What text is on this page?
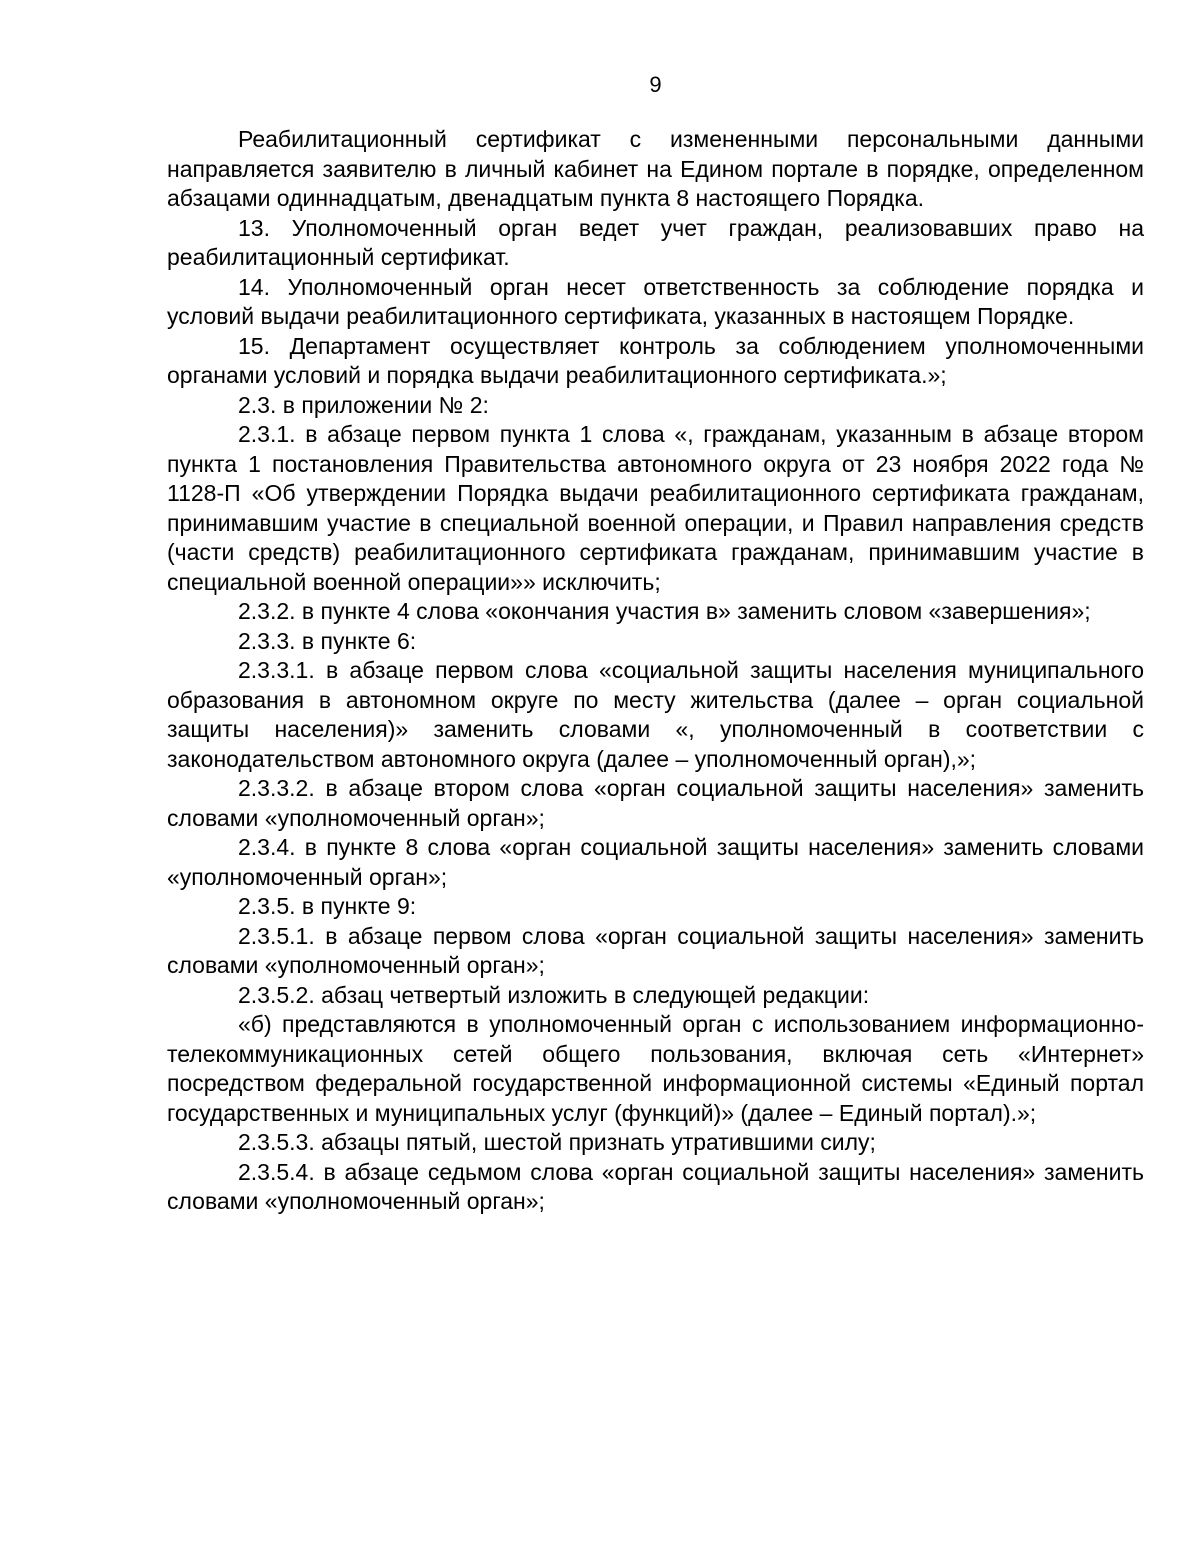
9

Реабилитационный сертификат с измененными персональными данными направляется заявителю в личный кабинет на Едином портале в порядке, определенном абзацами одиннадцатым, двенадцатым пункта 8 настоящего Порядка.

13. Уполномоченный орган ведет учет граждан, реализовавших право на реабилитационный сертификат.

14. Уполномоченный орган несет ответственность за соблюдение порядка и условий выдачи реабилитационного сертификата, указанных в настоящем Порядке.

15. Департамент осуществляет контроль за соблюдением уполномоченными органами условий и порядка выдачи реабилитационного сертификата.»;

2.3. в приложении № 2:

2.3.1. в абзаце первом пункта 1 слова «, гражданам, указанным в абзаце втором пункта 1 постановления Правительства автономного округа от 23 ноября 2022 года № 1128-П «Об утверждении Порядка выдачи реабилитационного сертификата гражданам, принимавшим участие в специальной военной операции, и Правил направления средств (части средств) реабилитационного сертификата гражданам, принимавшим участие в специальной военной операции»» исключить;

2.3.2. в пункте 4 слова «окончания участия в» заменить словом «завершения»;

2.3.3. в пункте 6:

2.3.3.1. в абзаце первом слова «социальной защиты населения муниципального образования в автономном округе по месту жительства (далее – орган социальной защиты населения)» заменить словами «, уполномоченный в соответствии с законодательством автономного округа (далее – уполномоченный орган),»;

2.3.3.2. в абзаце втором слова «орган социальной защиты населения» заменить словами «уполномоченный орган»;

2.3.4. в пункте 8 слова «орган социальной защиты населения» заменить словами «уполномоченный орган»;

2.3.5. в пункте 9:

2.3.5.1. в абзаце первом слова «орган социальной защиты населения» заменить словами «уполномоченный орган»;

2.3.5.2. абзац четвертый изложить в следующей редакции:

«б) представляются в уполномоченный орган с использованием информационно-телекоммуникационных сетей общего пользования, включая сеть «Интернет» посредством федеральной государственной информационной системы «Единый портал государственных и муниципальных услуг (функций)» (далее – Единый портал).»;

2.3.5.3. абзацы пятый, шестой признать утратившими силу;

2.3.5.4. в абзаце седьмом слова «орган социальной защиты населения» заменить словами «уполномоченный орган»;
